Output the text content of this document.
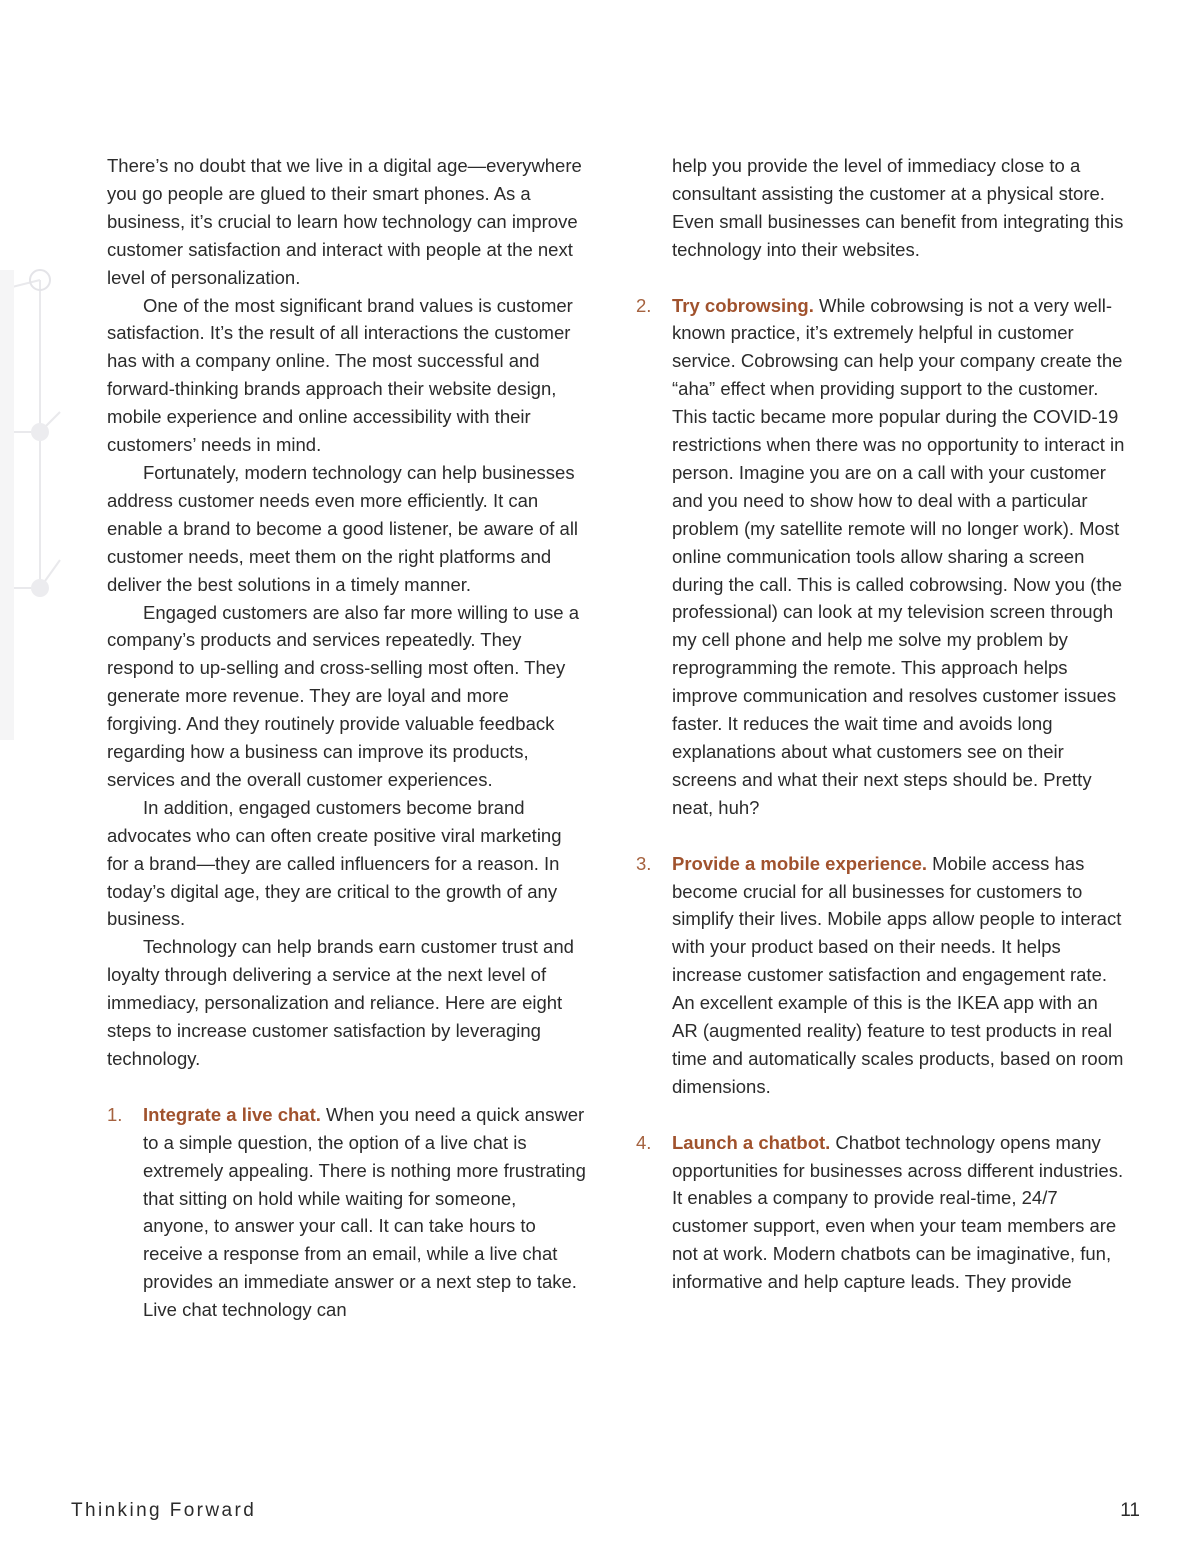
There’s no doubt that we live in a digital age—everywhere you go people are glued to their smart phones. As a business, it’s crucial to learn how technology can improve customer satisfaction and interact with people at the next level of personalization.

One of the most significant brand values is customer satisfaction. It’s the result of all interactions the customer has with a company online. The most successful and forward-thinking brands approach their website design, mobile experience and online accessibility with their customers’ needs in mind.

Fortunately, modern technology can help businesses address customer needs even more efficiently. It can enable a brand to become a good listener, be aware of all customer needs, meet them on the right platforms and deliver the best solutions in a timely manner.

Engaged customers are also far more willing to use a company’s products and services repeatedly. They respond to up-selling and cross-selling most often. They generate more revenue. They are loyal and more forgiving. And they routinely provide valuable feedback regarding how a business can improve its products, services and the overall customer experiences.

In addition, engaged customers become brand advocates who can often create positive viral marketing for a brand—they are called influencers for a reason. In today’s digital age, they are critical to the growth of any business.

Technology can help brands earn customer trust and loyalty through delivering a service at the next level of immediacy, personalization and reliance. Here are eight steps to increase customer satisfaction by leveraging technology.

1. Integrate a live chat. When you need a quick answer to a simple question, the option of a live chat is extremely appealing. There is nothing more frustrating that sitting on hold while waiting for someone, anyone, to answer your call. It can take hours to receive a response from an email, while a live chat provides an immediate answer or a next step to take. Live chat technology can
help you provide the level of immediacy close to a consultant assisting the customer at a physical store. Even small businesses can benefit from integrating this technology into their websites.
2. Try cobrowsing. While cobrowsing is not a very well-known practice, it’s extremely helpful in customer service. Cobrowsing can help your company create the “aha” effect when providing support to the customer. This tactic became more popular during the COVID-19 restrictions when there was no opportunity to interact in person. Imagine you are on a call with your customer and you need to show how to deal with a particular problem (my satellite remote will no longer work). Most online communication tools allow sharing a screen during the call. This is called cobrowsing. Now you (the professional) can look at my television screen through my cell phone and help me solve my problem by reprogramming the remote. This approach helps improve communication and resolves customer issues faster. It reduces the wait time and avoids long explanations about what customers see on their screens and what their next steps should be. Pretty neat, huh?
3. Provide a mobile experience. Mobile access has become crucial for all businesses for customers to simplify their lives. Mobile apps allow people to interact with your product based on their needs. It helps increase customer satisfaction and engagement rate. An excellent example of this is the IKEA app with an AR (augmented reality) feature to test products in real time and automatically scales products, based on room dimensions.
4. Launch a chatbot. Chatbot technology opens many opportunities for businesses across different industries. It enables a company to provide real-time, 24/7 customer support, even when your team members are not at work. Modern chatbots can be imaginative, fun, informative and help capture leads. They provide
Thinking Forward	11
